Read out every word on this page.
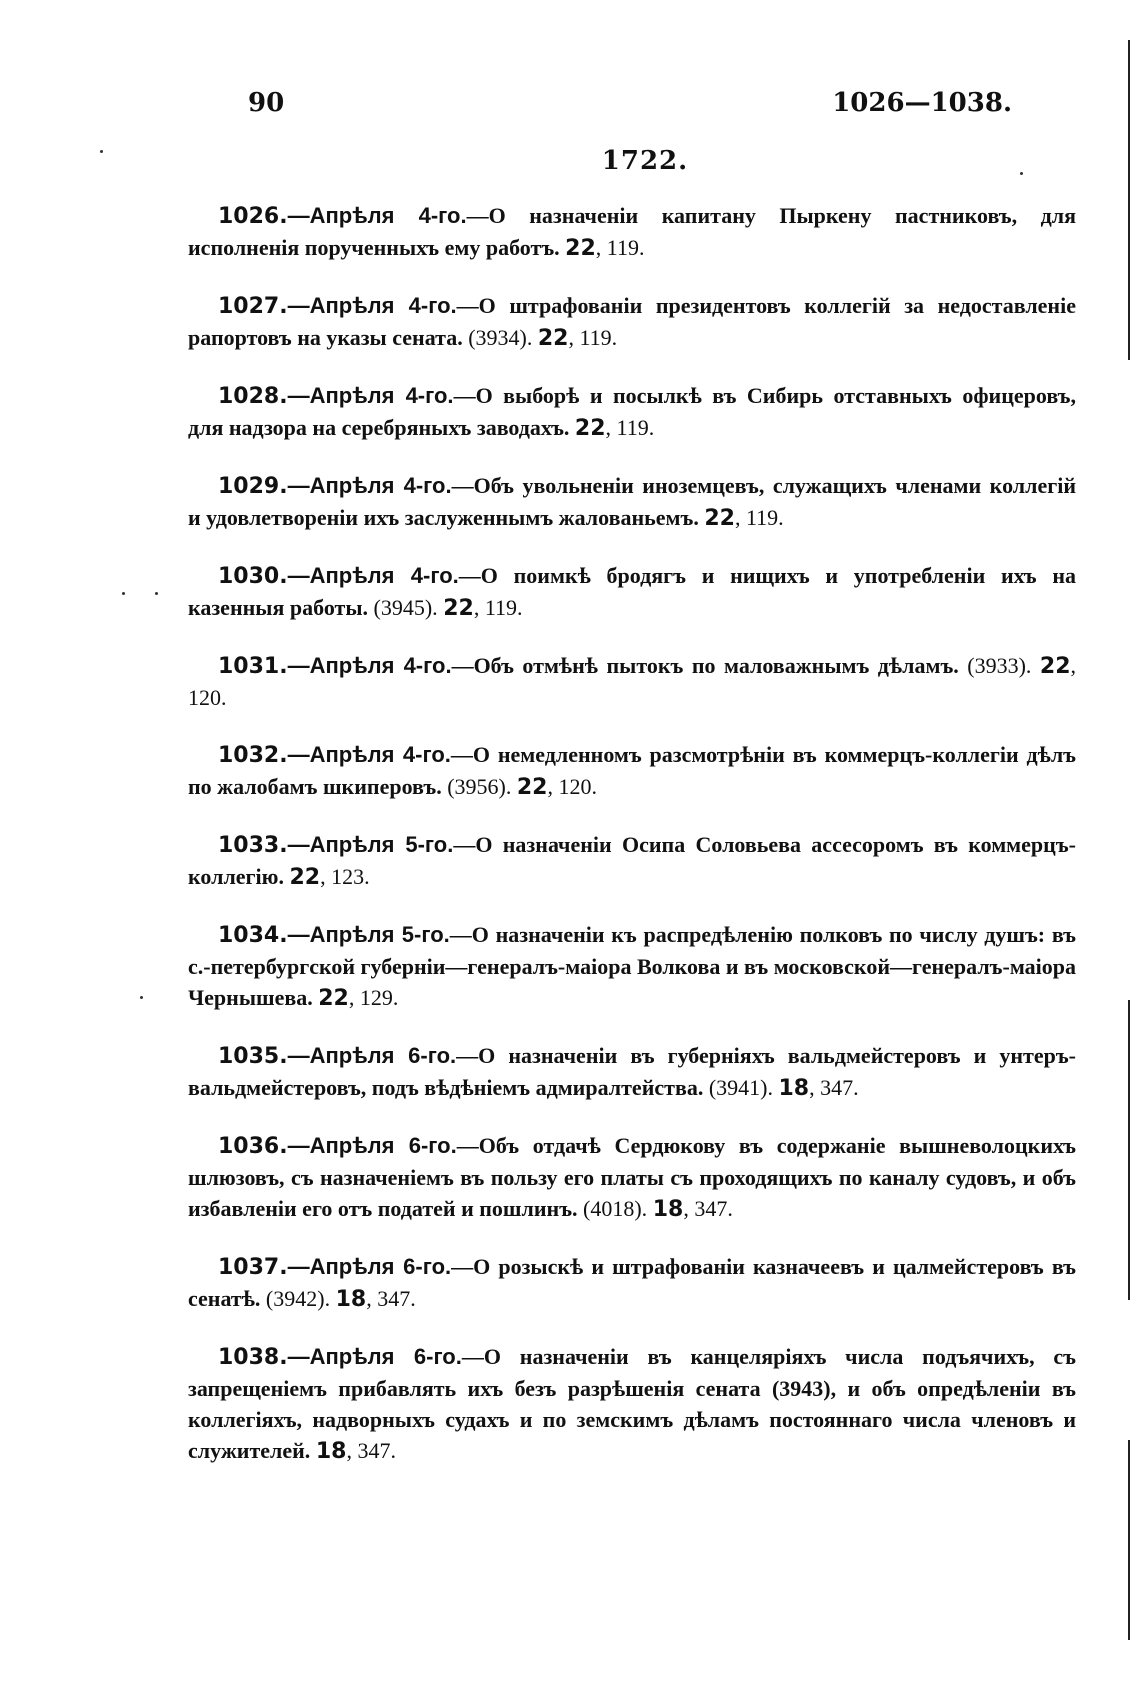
90	1026—1038.
1722.

1026.—Апрѣля 4-го.—О назначеніи капитану Пыркену пастниковъ, для исполненія порученныхъ ему работъ. 22, 119.

1027.—Апрѣля 4-го.—О штрафованіи президентовъ коллегій за недоставленіе рапортовъ на указы сената. (3934). 22, 119.

1028.—Апрѣля 4-го.—О выборѣ и посылкѣ въ Сибирь отставныхъ офицеровъ, для надзора на серебряныхъ заводахъ. 22, 119.

1029.—Апрѣля 4-го.—Объ увольненіи иноземцевъ, служащихъ членами коллегій и удовлетвореніи ихъ заслуженнымъ жалованьемъ. 22, 119.

1030.—Апрѣля 4-го.—О поимкѣ бродягъ и нищихъ и употребленіи ихъ на казенныя работы. (3945). 22, 119.

1031.—Апрѣля 4-го.—Объ отмѣнѣ пытокъ по маловажнымъ дѣламъ. (3933). 22, 120.

1032.—Апрѣля 4-го.—О немедленномъ разсмотрѣніи въ коммерцъ-коллегіи дѣлъ по жалобамъ шкиперовъ. (3956). 22, 120.

1033.—Апрѣля 5-го.—О назначеніи Осипа Соловьева ассесоромъ въ коммерцъ-коллегію. 22, 123.

1034.—Апрѣля 5-го.—О назначеніи къ распредѣленію полковъ по числу душъ: въ с.-петербургской губерніи—генералъ-маіора Волкова и въ московской—генералъ-маіора Чернышева. 22, 129.

1035.—Апрѣля 6-го.—О назначеніи въ губерніяхъ вальдмейстеровъ и унтеръ-вальдмейстеровъ, подъ вѣдѣніемъ адмиралтейства. (3941). 18, 347.

1036.—Апрѣля 6-го.—Объ отдачѣ Сердюкову въ содержаніе вышневолоцкихъ шлюзовъ, съ назначеніемъ въ пользу его платы съ проходящихъ по каналу судовъ, и объ избавленіи его отъ податей и пошлинъ. (4018). 18, 347.

1037.—Апрѣля 6-го.—О розыскѣ и штрафованіи казначеевъ и цалмейстеровъ въ сенатѣ. (3942). 18, 347.

1038.—Апрѣля 6-го.—О назначеніи въ канцеляріяхъ числа подъячихъ, съ запрещеніемъ прибавлять ихъ безъ разрѣшенія сената (3943), и объ опредѣленіи въ коллегіяхъ, надворныхъ судахъ и по земскимъ дѣламъ постояннаго числа членовъ и служителей. 18, 347.
